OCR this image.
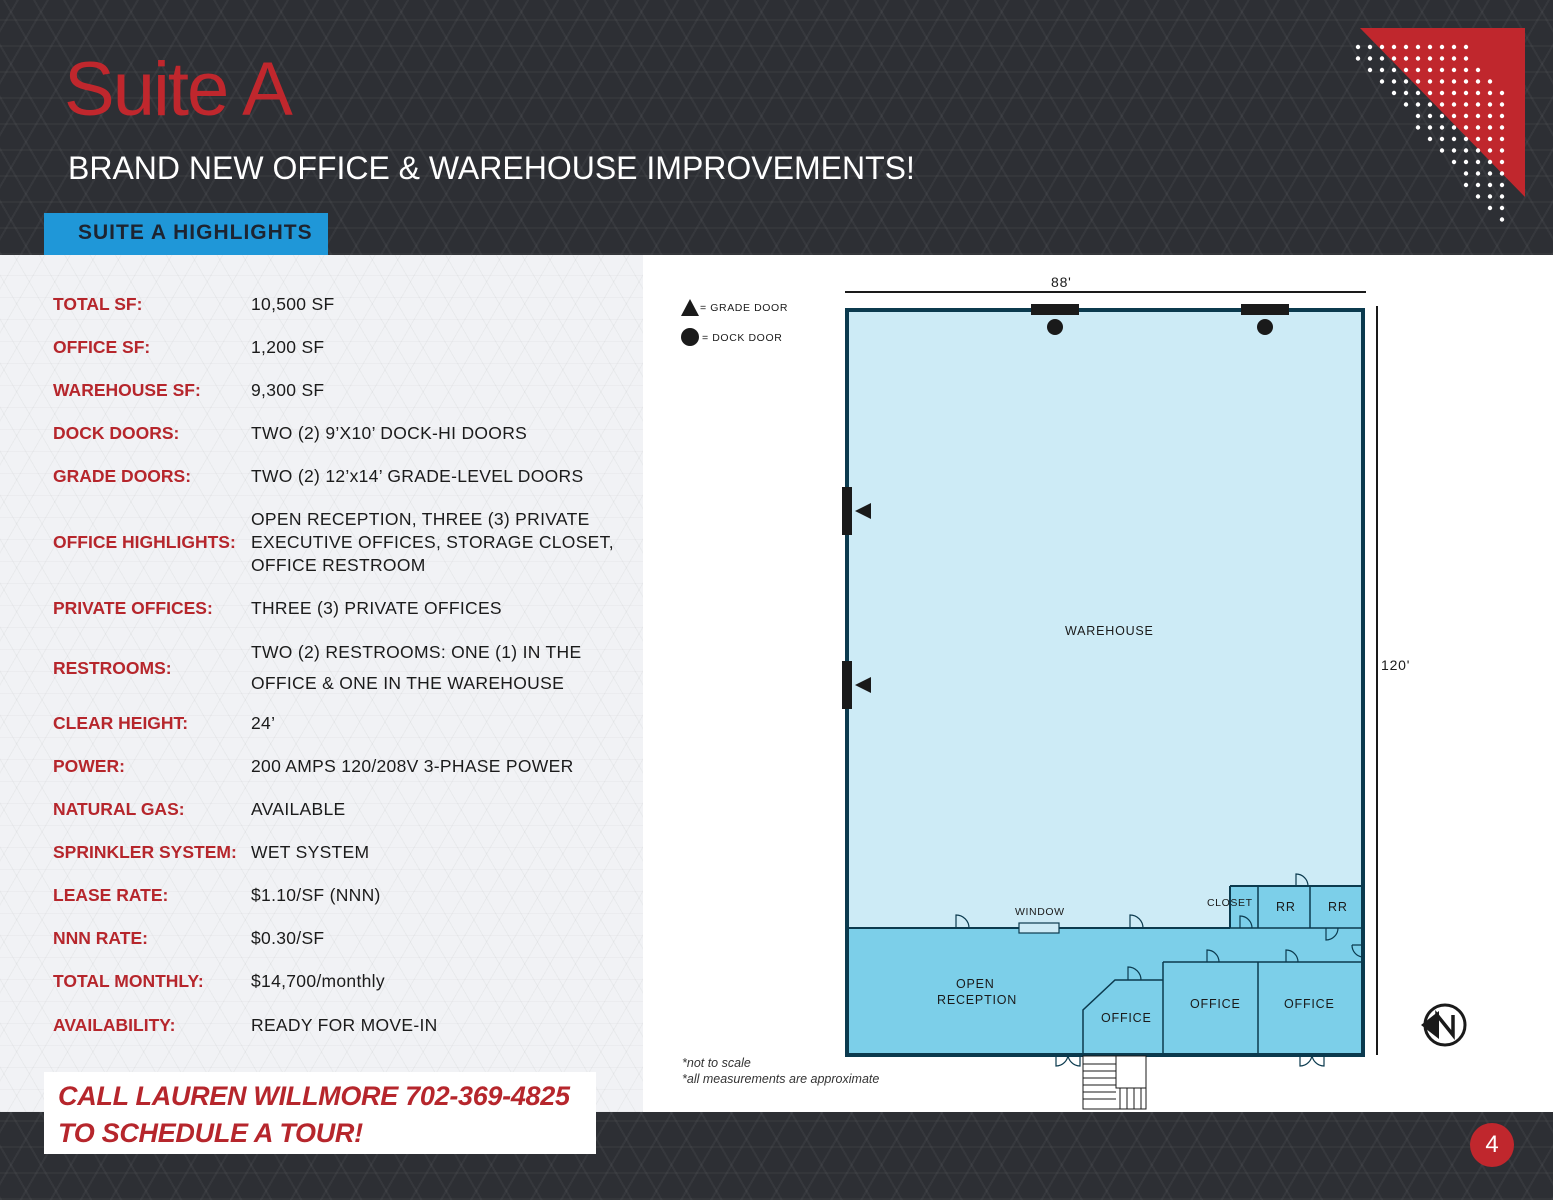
Suite A
BRAND NEW OFFICE & WAREHOUSE IMPROVEMENTS!
SUITE A HIGHLIGHTS
TOTAL SF:	10,500 SF
OFFICE SF:	1,200 SF
WAREHOUSE SF:	9,300 SF
DOCK DOORS:	TWO (2) 9’X10’ DOCK-HI DOORS
GRADE DOORS:	TWO (2) 12’x14’ GRADE-LEVEL DOORS
OFFICE HIGHLIGHTS:
OPEN RECEPTION, THREE (3) PRIVATE
EXECUTIVE OFFICES, STORAGE CLOSET,
OFFICE RESTROOM
PRIVATE OFFICES:	THREE (3) PRIVATE OFFICES
RESTROOMS:
TWO (2) RESTROOMS: ONE (1) IN THE
OFFICE & ONE IN THE WAREHOUSE
CLEAR HEIGHT:	24’
POWER:	200 AMPS 120/208V 3-PHASE POWER
NATURAL GAS:	AVAILABLE
SPRINKLER SYSTEM: WET SYSTEM
LEASE RATE:	$1.10/SF (NNN)
NNN RATE:	$0.30/SF
TOTAL MONTHLY:	$14,700/monthly
AVAILABILITY:	READY FOR MOVE-IN
= GRADE DOOR
= DOCK DOOR
88'
120'
WAREHOUSE
WINDOW
CLOSET RR	RR
OPEN
RECEPTION
OFFICE
OFFICE	OFFICE
*not to scale
*all measurements are approximate
CALL LAUREN WILLMORE 702-369-4825
TO SCHEDULE A TOUR!	4
